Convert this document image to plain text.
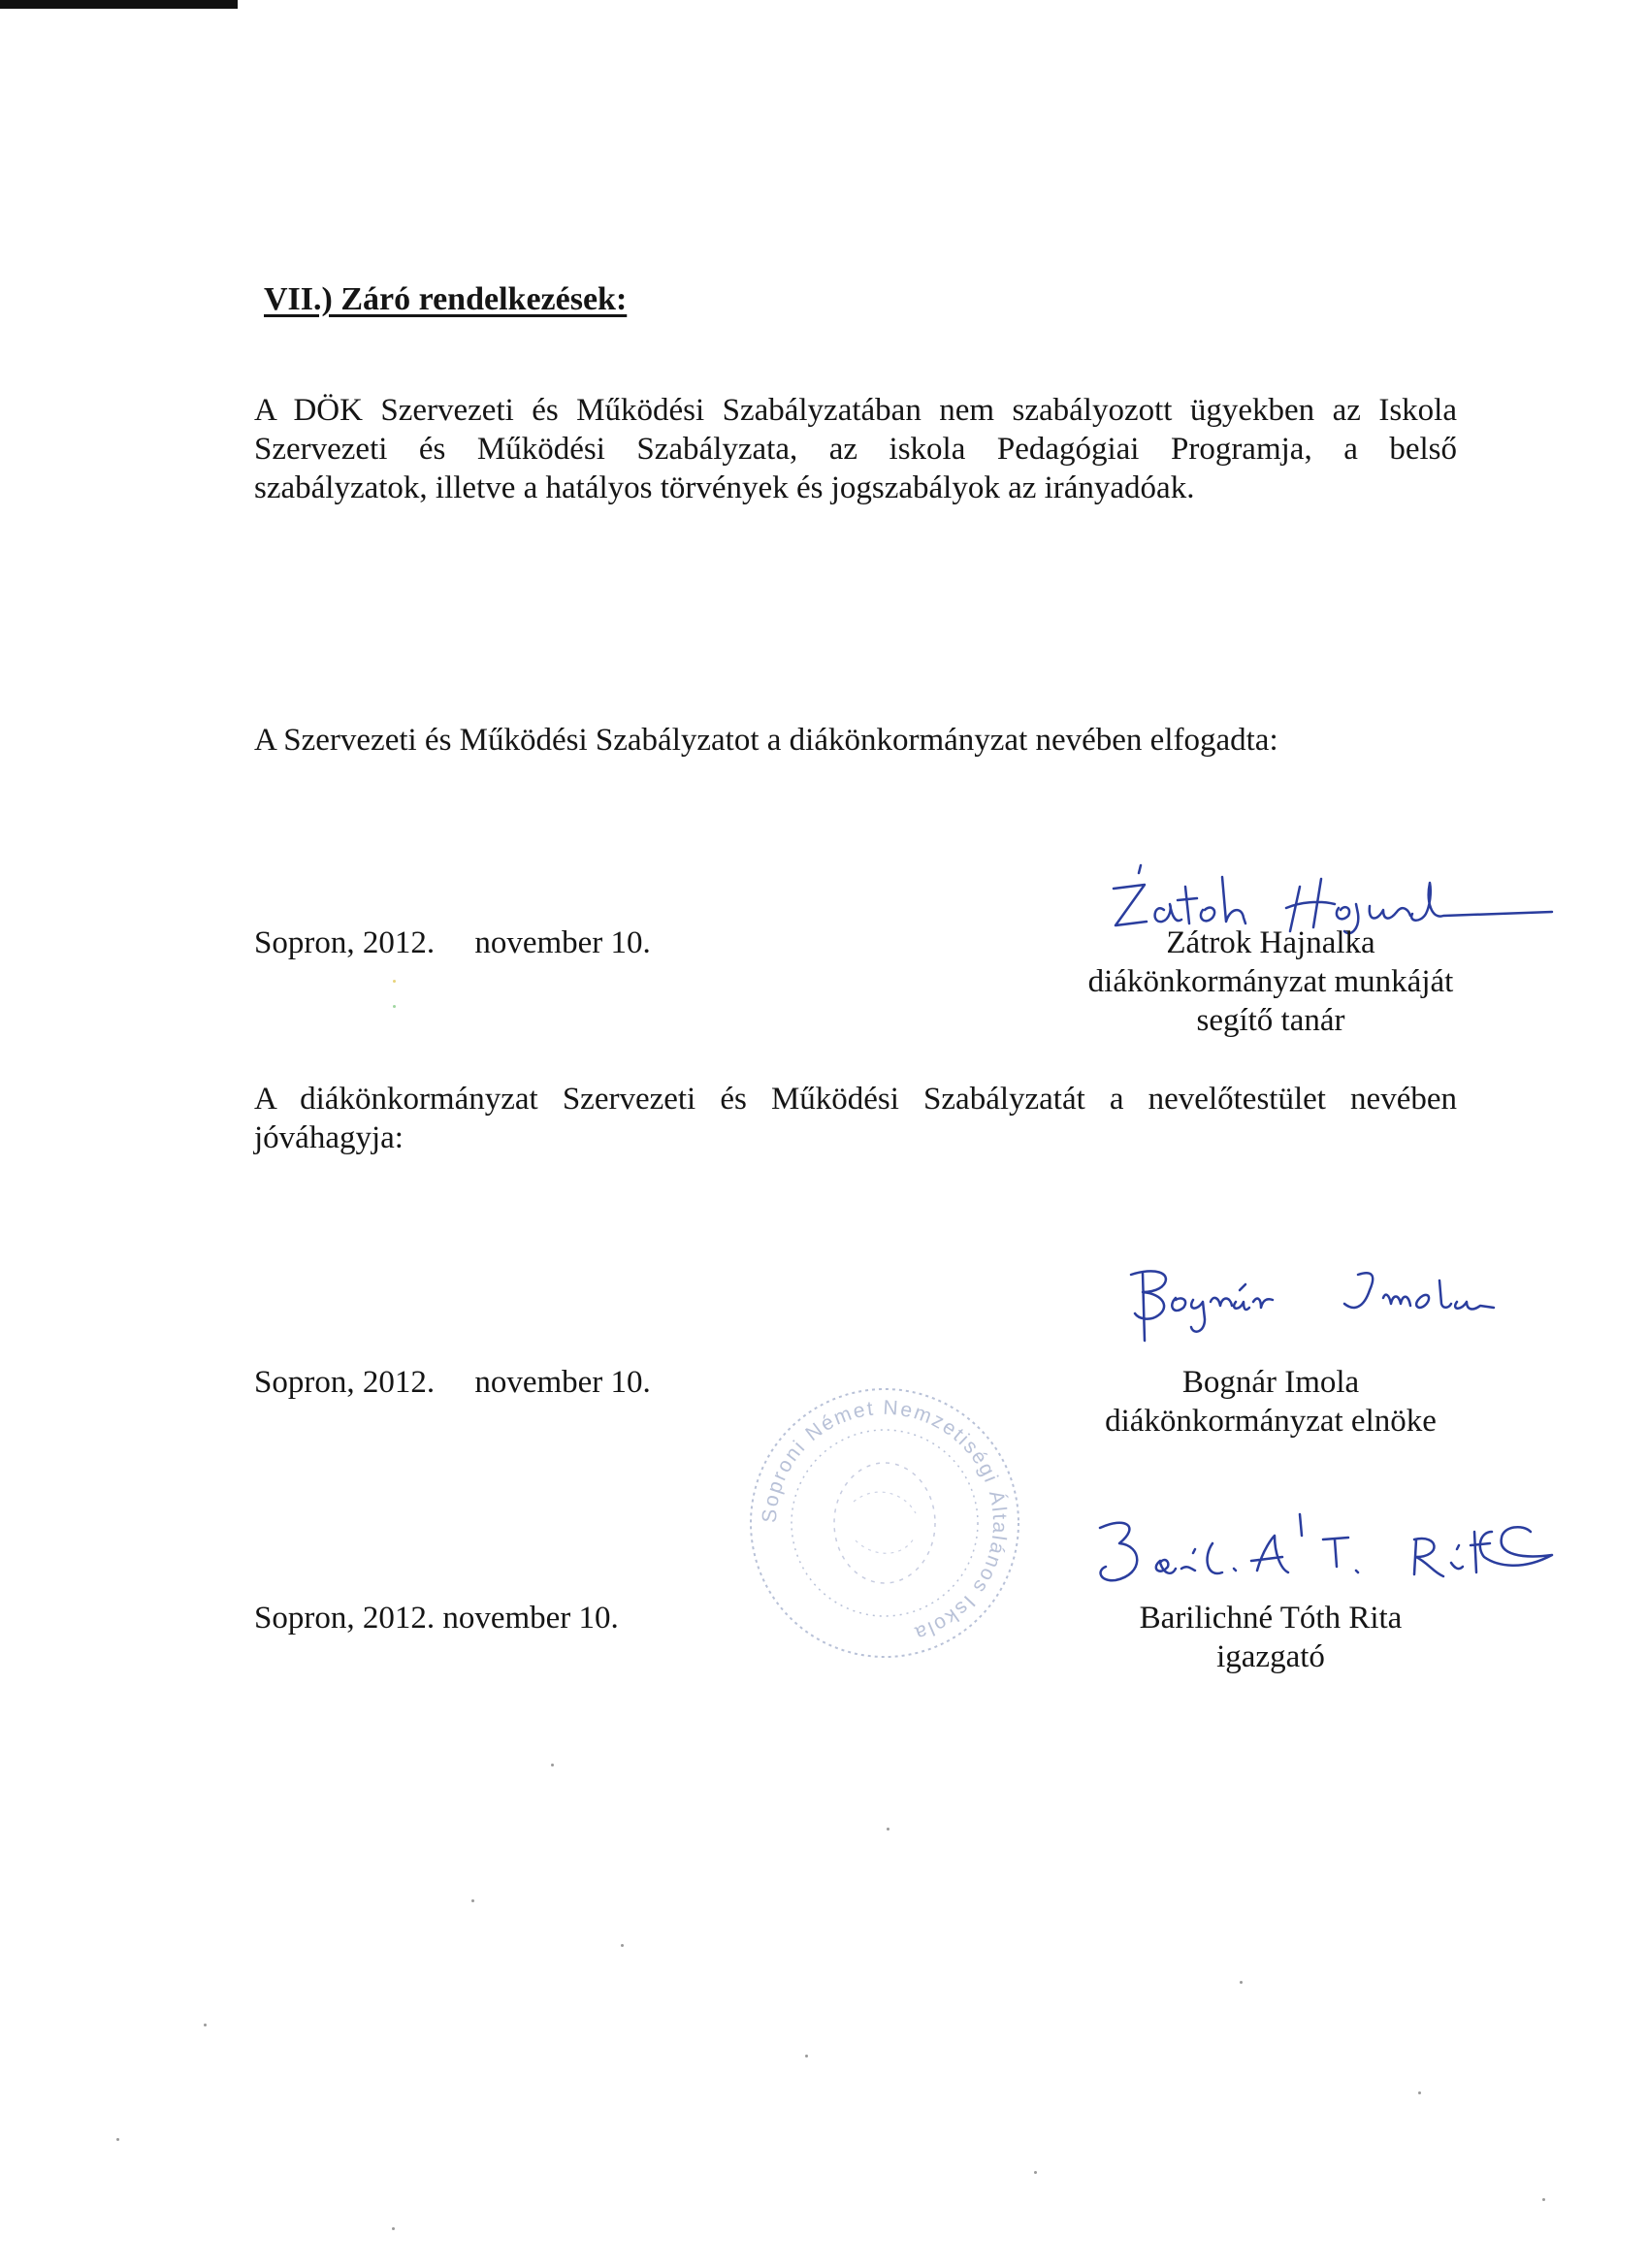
VII.) Záró rendelkezések:

A DÖK Szervezeti és Működési Szabályzatában nem szabályozott ügyekben az Iskola

Szervezeti és Működési Szabályzata, az iskola Pedagógiai Programja, a belső

szabályzatok, illetve a hatályos törvények és jogszabályok az irányadóak.

A Szervezeti és Működési Szabályzatot a diákönkormányzat nevében elfogadta:

Sopron, 2012.     november 10.	Zátrok Hajnalka
diákönkormányzat munkáját
segítő tanár

A diákönkormányzat Szervezeti és Működési Szabályzatát a nevelőtestület nevében

jóváhagyja:

Sopron, 2012.     november 10.	Bognár Imola
diákönkormányzat elnöke
Soproni Német Nemzetiségi Általános Iskola

Sopron, 2012. november 10.	Barilichné Tóth Rita
igazgató
